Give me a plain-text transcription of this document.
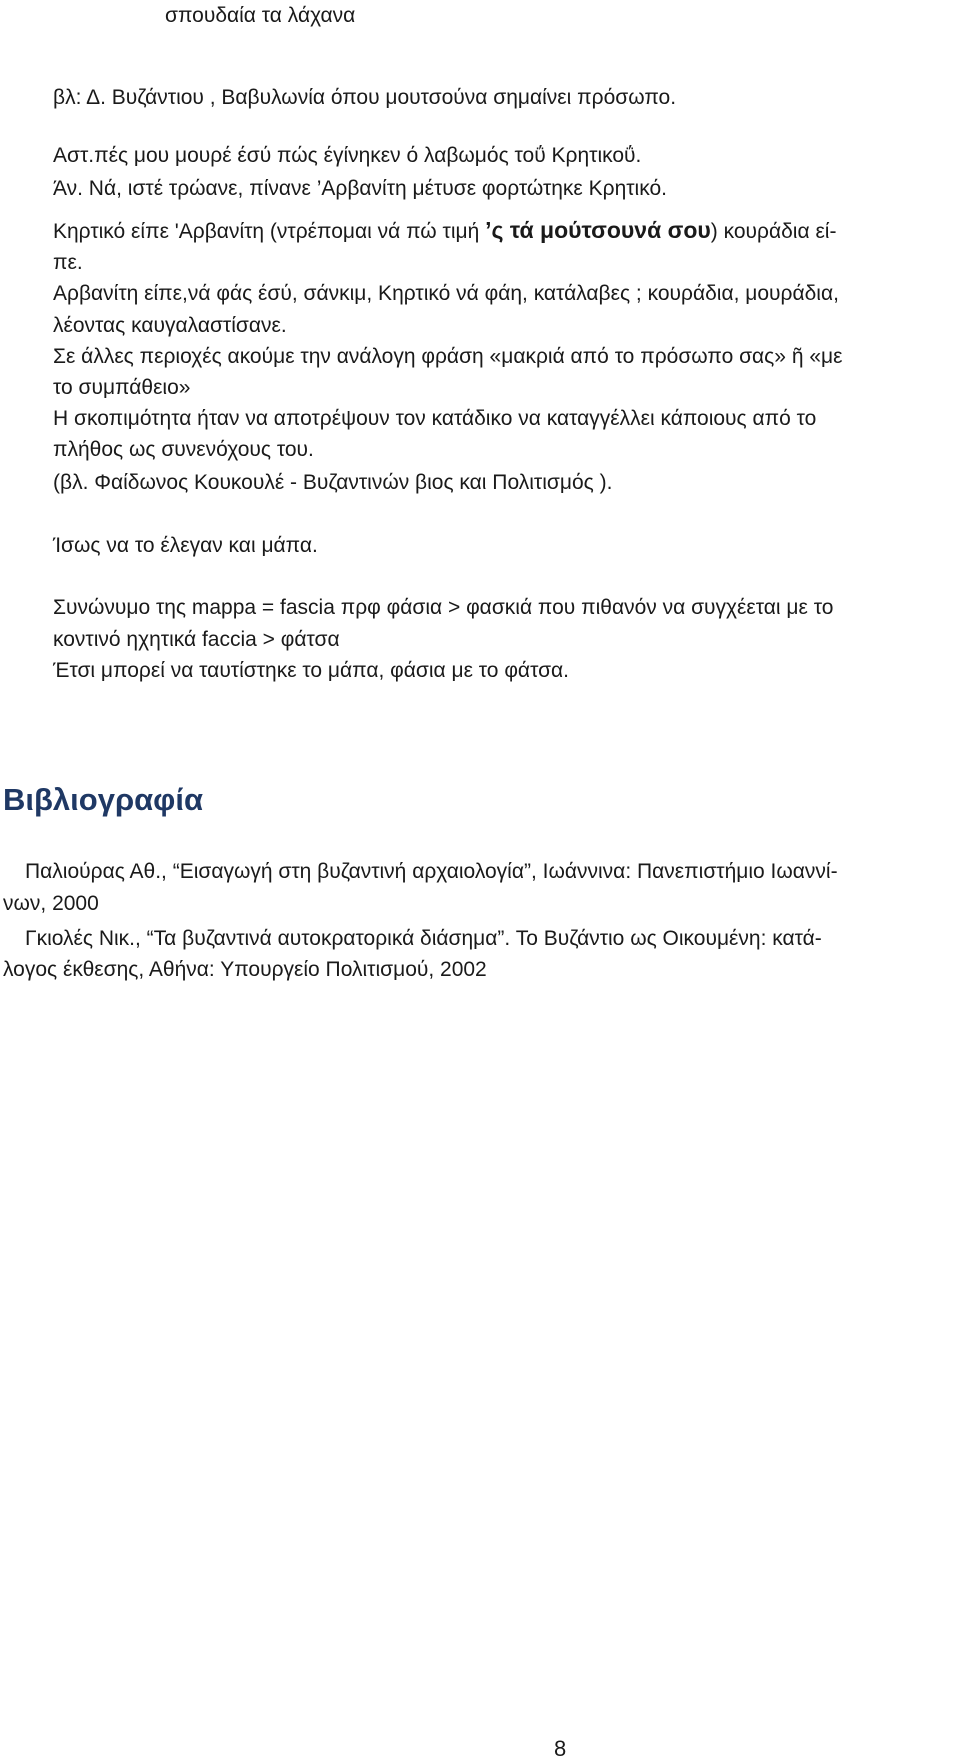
σπουδαία τα λάχανα
βλ: Δ. Βυζάντιου , Βαβυλωνία όπου μουτσούνα σημαίνει πρόσωπο.
Αστ.πές μου μουρέ έσύ πώς έγίνηκεν ό λαβωμός τοΰ Κρητικοΰ.
Άν. Νά, ιστέ τρώανε, πίνανε ’Αρβανίτη μέτυσε φορτώτηκε Κρητικό.
Κηρτικό είπε 'Αρβανίτη (ντρέπομαι νά πώ τιμή ’ς τά μούτσουνά σου) κουράδια εί-
πε.
Αρβανίτη είπε,νά φάς έσύ, σάνκιμ, Κηρτικό νά φάη, κατάλαβες ; κουράδια, μουράδια,
λέοντας καυγαλαστίσανε.
Σε άλλες περιοχές ακούμε την ανάλογη φράση «μακριά από το πρόσωπο σας» ῆ «με
το συμπάθειο»
Η σκοπιμότητα ήταν να αποτρέψουν τον κατάδικο να καταγγέλλει κάποιους από το
πλήθος ως συνενόχους του.
(βλ. Φαίδωνος Κουκουλέ - Βυζαντινών βιος και Πολιτισμός ).
Ίσως να το έλεγαν και μάπα.
Συνώνυμο της mappa = fascia πρφ φάσια > φασκιά που πιθανόν να συγχέεται με το
κοντινό ηχητικά faccia > φάτσα
Έτσι μπορεί να ταυτίστηκε το μάπα, φάσια με το φάτσα.
Βιβλιογραφία
Παλιούρας Αθ., “Εισαγωγή στη βυζαντινή αρχαιολογία”, Ιωάννινα: Πανεπιστήμιο Ιωαννί-
νων, 2000
Γκιολές Νικ., “Τα βυζαντινά αυτοκρατορικά διάσημα”. Το Βυζάντιο ως Οικουμένη: κατά-
λογος έκθεσης, Αθήνα: Υπουργείο Πολιτισμού, 2002
8
